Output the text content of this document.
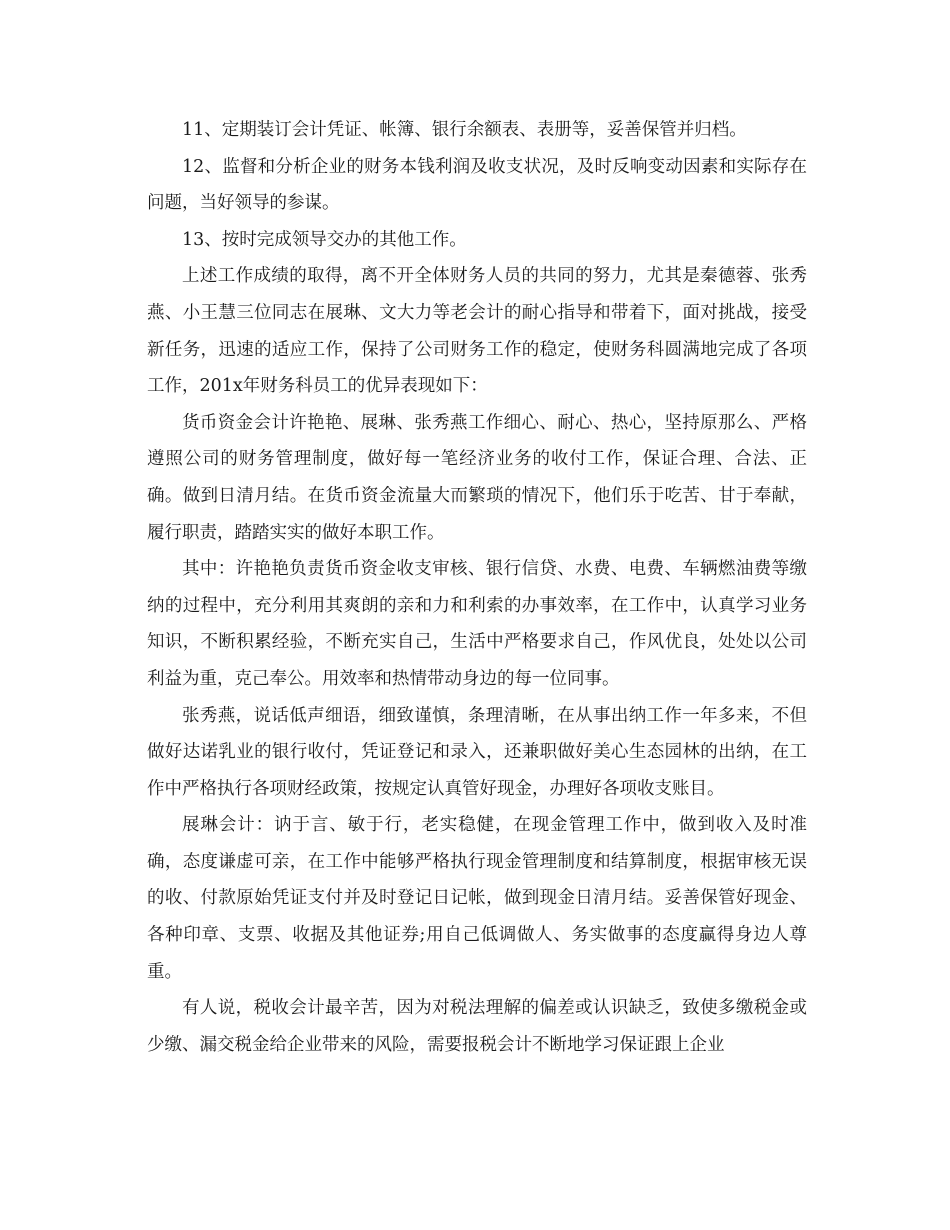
11、定期装订会计凭证、帐簿、银行余额表、表册等，妥善保管并归档。

12、监督和分析企业的财务本钱利润及收支状况，及时反响变动因素和实际存在问题，当好领导的参谋。

13、按时完成领导交办的其他工作。

上述工作成绩的取得，离不开全体财务人员的共同的努力，尤其是秦德蓉、张秀燕、小王慧三位同志在展琳、文大力等老会计的耐心指导和带着下，面对挑战，接受新任务，迅速的适应工作，保持了公司财务工作的稳定，使财务科圆满地完成了各项工作，201x年财务科员工的优异表现如下：

货币资金会计许艳艳、展琳、张秀燕工作细心、耐心、热心，坚持原那么、严格遵照公司的财务管理制度，做好每一笔经济业务的收付工作，保证合理、合法、正确。做到日清月结。在货币资金流量大而繁琐的情况下，他们乐于吃苦、甘于奉献，履行职责，踏踏实实的做好本职工作。

其中：许艳艳负责货币资金收支审核、银行信贷、水费、电费、车辆燃油费等缴纳的过程中，充分利用其爽朗的亲和力和利索的办事效率，在工作中，认真学习业务知识，不断积累经验，不断充实自己，生活中严格要求自己，作风优良，处处以公司利益为重，克己奉公。用效率和热情带动身边的每一位同事。

张秀燕，说话低声细语，细致谨慎，条理清晰，在从事出纳工作一年多来，不但做好达诺乳业的银行收付，凭证登记和录入，还兼职做好美心生态园林的出纳，在工作中严格执行各项财经政策，按规定认真管好现金，办理好各项收支账目。

展琳会计：讷于言、敏于行，老实稳健，在现金管理工作中，做到收入及时准确，态度谦虚可亲，在工作中能够严格执行现金管理制度和结算制度，根据审核无误的收、付款原始凭证支付并及时登记日记帐，做到现金日清月结。妥善保管好现金、各种印章、支票、收据及其他证券;用自己低调做人、务实做事的态度赢得身边人尊重。

有人说，税收会计最辛苦，因为对税法理解的偏差或认识缺乏，致使多缴税金或少缴、漏交税金给企业带来的风险，需要报税会计不断地学习保证跟上企业
